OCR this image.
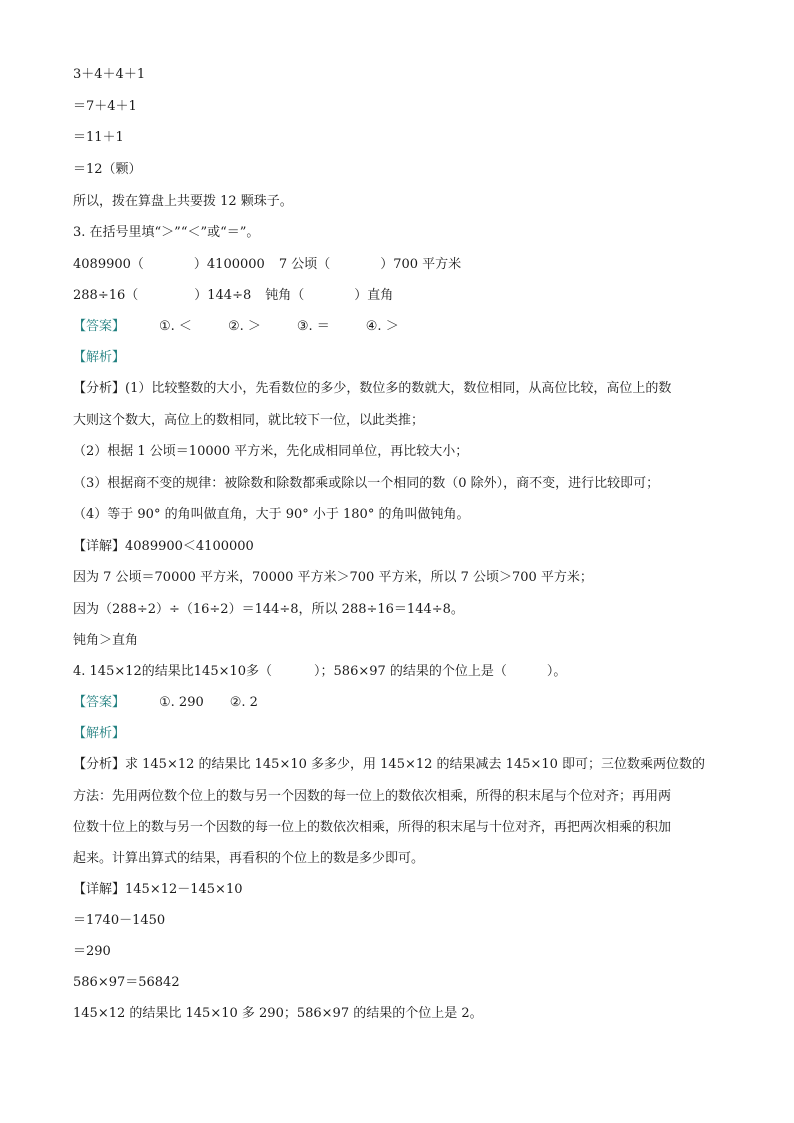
3＋4＋4＋1
＝7＋4＋1
＝11＋1
＝12（颗）
所以，拨在算盘上共要拨 12 颗珠子。
3. 在括号里填“＞”“＜”或“＝”。
4089900（	）4100000 7 公顷（	）700 平方米
288÷16（	）144÷8 钝角（	）直角
【答案】	①. ＜	②. ＞	③. ＝	④. ＞
【解析】
【分析】(1）比较整数的大小，先看数位的多少，数位多的数就大，数位相同，从高位比较，高位上的数
大则这个数大，高位上的数相同，就比较下一位，以此类推；
（2）根据 1 公顷＝10000 平方米，先化成相同单位，再比较大小；
（3）根据商不变的规律：被除数和除数都乘或除以一个相同的数（0 除外），商不变，进行比较即可；
（4）等于 90° 的角叫做直角，大于 90° 小于 180° 的角叫做钝角。
【详解】4089900＜4100000
因为 7 公顷＝70000 平方米，70000 平方米＞700 平方米，所以 7 公顷＞700 平方米；
因为（288÷2）÷（16÷2）＝144÷8，所以 288÷16＝144÷8。
钝角＞直角
4. 145×12的结果比145×10多（	）；586×97 的结果的个位上是（	）。
【答案】	①. 290 ②. 2
【解析】
【分析】求 145×12 的结果比 145×10 多多少，用 145×12 的结果减去 145×10 即可；三位数乘两位数的
方法：先用两位数个位上的数与另一个因数的每一位上的数依次相乘，所得的积末尾与个位对齐；再用两
位数十位上的数与另一个因数的每一位上的数依次相乘，所得的积末尾与十位对齐，再把两次相乘的积加
起来。计算出算式的结果，再看积的个位上的数是多少即可。
【详解】145×12－145×10
＝1740－1450
＝290
586×97＝56842
145×12 的结果比 145×10 多 290；586×97 的结果的个位上是 2。
